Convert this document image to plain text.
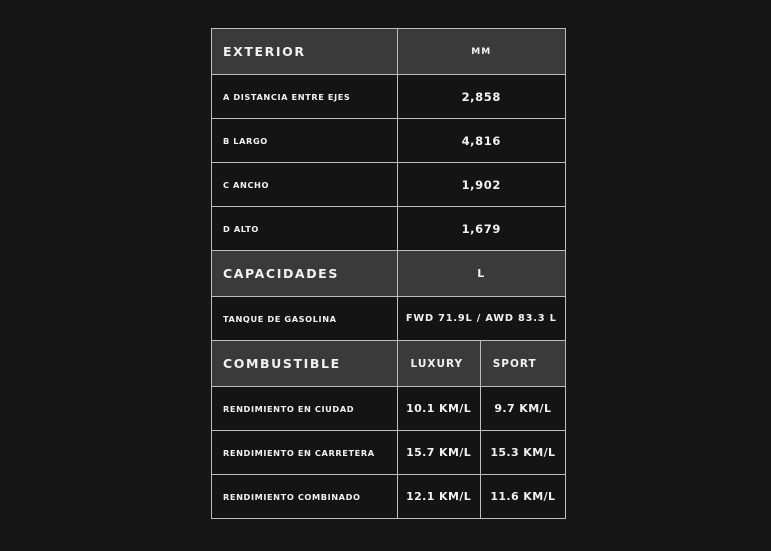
EXTERIOR	MM	
A DISTANCIA ENTRE EJES	2,858	
B LARGO	4,816	
C ANCHO	1,902	
D ALTO	1,679	
CAPACIDADES	L	
TANQUE DE GASOLINA	FWD 71.9L / AWD 83.3 L	
COMBUSTIBLE	LUXURY	SPORT
RENDIMIENTO EN CIUDAD	10.1 KM/L	9.7 KM/L
RENDIMIENTO EN CARRETERA	15.7 KM/L	15.3 KM/L
RENDIMIENTO COMBINADO	12.1 KM/L	11.6 KM/L
